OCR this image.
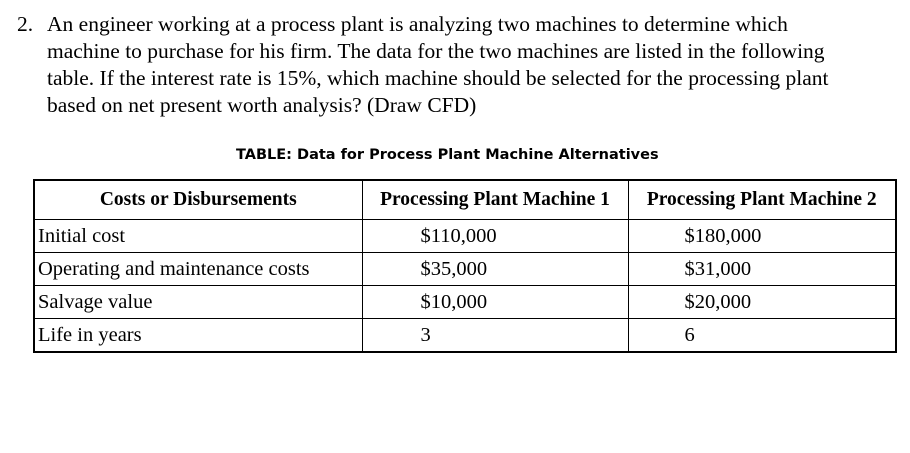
2. An engineer working at a process plant is analyzing two machines to determine which
machine to purchase for his firm. The data for the two machines are listed in the following
table. If the interest rate is 15%, which machine should be selected for the processing plant
based on net present worth analysis? (Draw CFD)
TABLE: Data for Process Plant Machine Alternatives
Costs or Disbursements	Processing Plant Machine 1	Processing Plant Machine 2
Initial cost	$110,000	$180,000
Operating and maintenance costs	$35,000	$31,000
Salvage value	$10,000	$20,000
Life in years	3	6
